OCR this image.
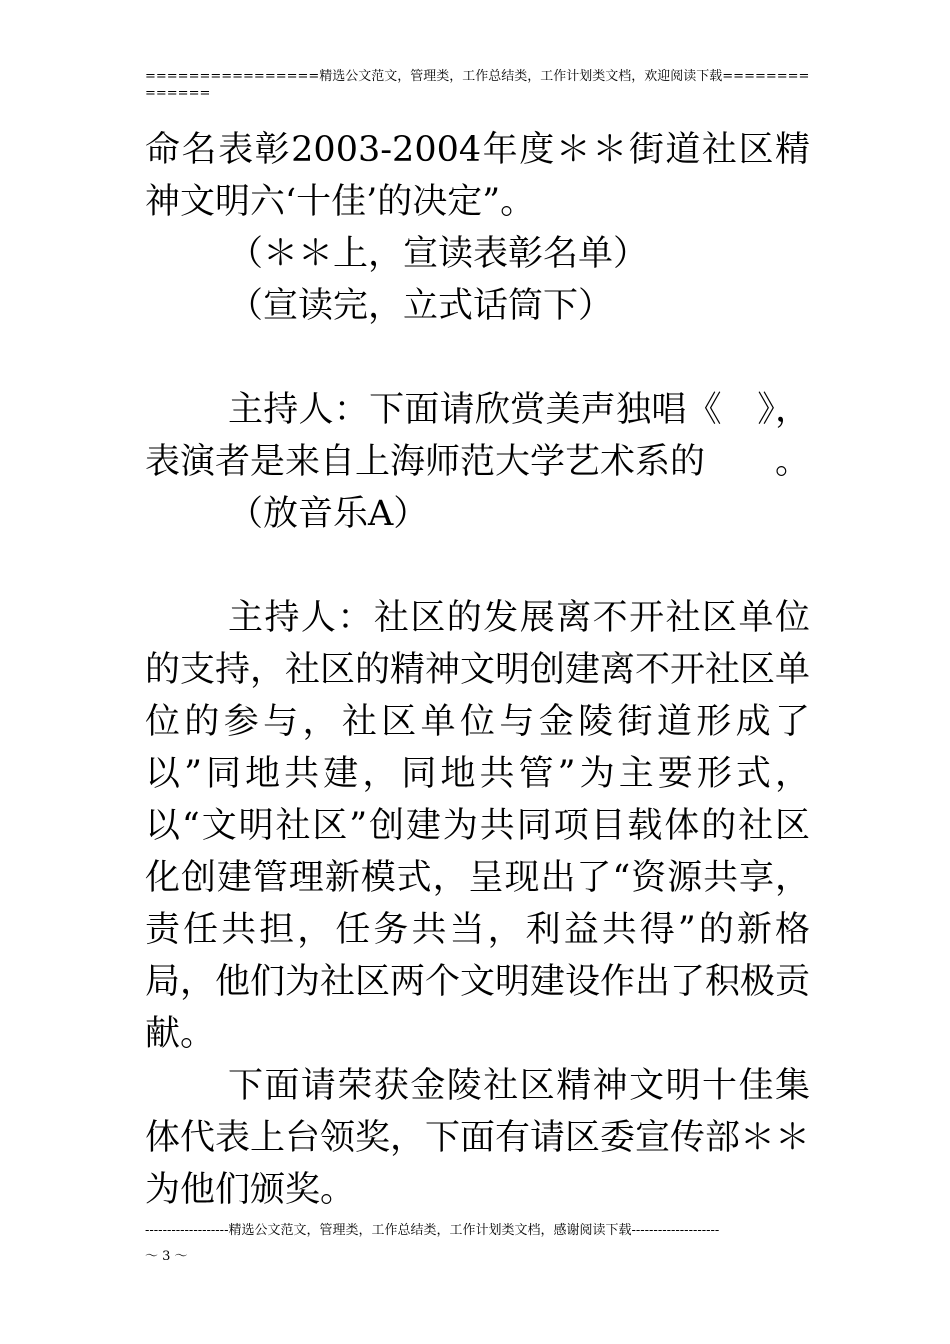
================精选公文范文，管理类，工作总结类，工作计划类文档，欢迎阅读下载==============

命名表彰2003-2004年度＊＊街道社区精神文明六‘十佳’的决定”。

（＊＊上，宣读表彰名单）

（宣读完，立式话筒下）

主持人：下面请欣赏美声独唱《　》，表演者是来自上海师范大学艺术系的　　。

（放音乐A）

主持人：社区的发展离不开社区单位的支持，社区的精神文明创建离不开社区单位的参与，社区单位与金陵街道形成了以”同地共建，同地共管”为主要形式，以“文明社区”创建为共同项目载体的社区化创建管理新模式，呈现出了“资源共享，责任共担，任务共当，利益共得”的新格局，他们为社区两个文明建设作出了积极贡献。

下面请荣获金陵社区精神文明十佳集体代表上台领奖，下面有请区委宣传部＊＊为他们颁奖。

-------------------精选公文范文，管理类，工作总结类，工作计划类文档，感谢阅读下载--------------------
～ 3 ～
